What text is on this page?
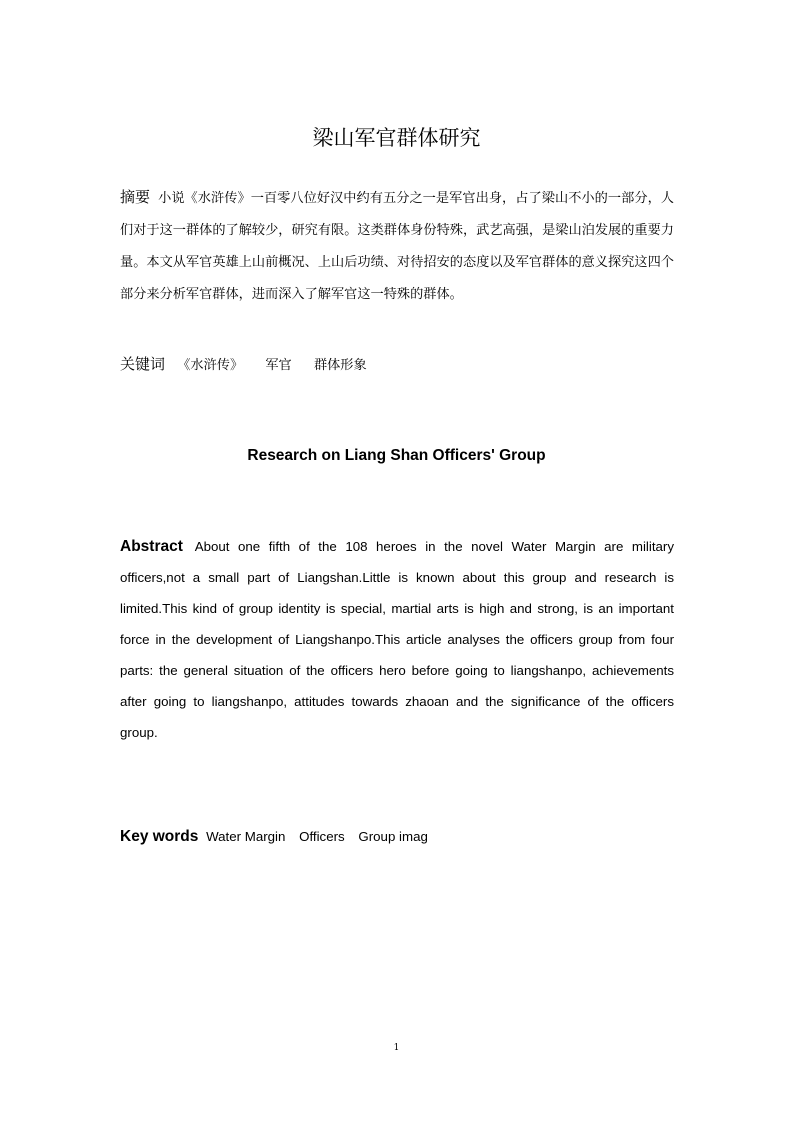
梁山军官群体研究
摘要 小说《水浒传》一百零八位好汉中约有五分之一是军官出身，占了梁山不小的一部分，人们对于这一群体的了解较少，研究有限。这类群体身份特殊，武艺高强，是梁山泊发展的重要力量。本文从军官英雄上山前概况、上山后功绩、对待招安的态度以及军官群体的意义探究这四个部分来分析军官群体，进而深入了解军官这一特殊的群体。
关键词 《水浒传》 军官 群体形象
Research on Liang Shan Officers' Group
Abstract About one fifth of the 108 heroes in the novel Water Margin are military officers,not a small part of Liangshan.Little is known about this group and research is limited.This kind of group identity is special, martial arts is high and strong, is an important force in the development of Liangshanpo.This article analyses the officers group from four parts: the general situation of the officers hero before going to liangshanpo, achievements after going to liangshanpo, attitudes towards zhaoan and the significance of the officers group.
Key words Water Margin Officers Group imag
1
